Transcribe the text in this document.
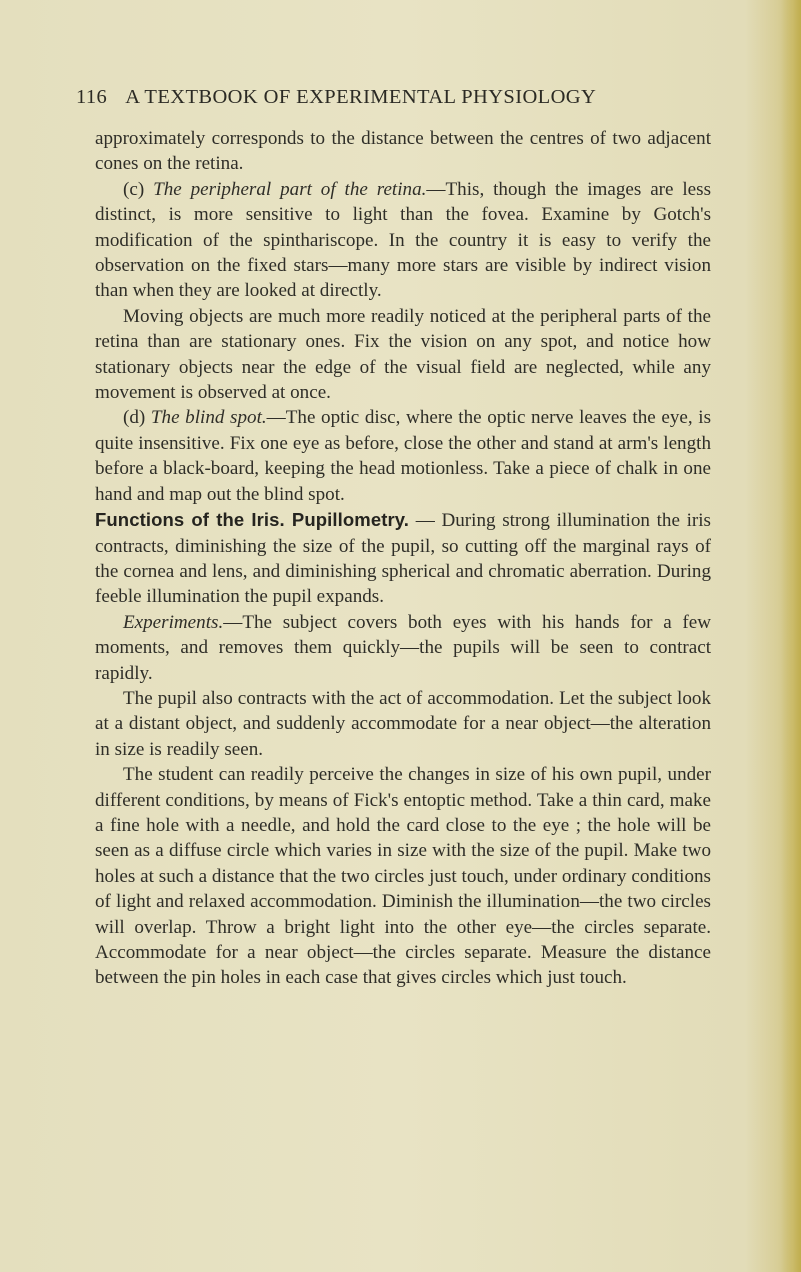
116 A TEXTBOOK OF EXPERIMENTAL PHYSIOLOGY

approximately corresponds to the distance between the centres of two adjacent cones on the retina.

(c) The peripheral part of the retina.—This, though the images are less distinct, is more sensitive to light than the fovea. Examine by Gotch's modification of the spinthariscope. In the country it is easy to verify the observation on the fixed stars—many more stars are visible by indirect vision than when they are looked at directly.

Moving objects are much more readily noticed at the peripheral parts of the retina than are stationary ones. Fix the vision on any spot, and notice how stationary objects near the edge of the visual field are neglected, while any movement is observed at once.

(d) The blind spot.—The optic disc, where the optic nerve leaves the eye, is quite insensitive. Fix one eye as before, close the other and stand at arm's length before a black-board, keeping the head motionless. Take a piece of chalk in one hand and map out the blind spot.

Functions of the Iris. Pupillometry. — During strong illumination the iris contracts, diminishing the size of the pupil, so cutting off the marginal rays of the cornea and lens, and diminishing spherical and chromatic aberration. During feeble illumination the pupil expands.

Experiments.—The subject covers both eyes with his hands for a few moments, and removes them quickly—the pupils will be seen to contract rapidly.

The pupil also contracts with the act of accommodation. Let the subject look at a distant object, and suddenly accommodate for a near object—the alteration in size is readily seen.

The student can readily perceive the changes in size of his own pupil, under different conditions, by means of Fick's entoptic method. Take a thin card, make a fine hole with a needle, and hold the card close to the eye ; the hole will be seen as a diffuse circle which varies in size with the size of the pupil. Make two holes at such a distance that the two circles just touch, under ordinary conditions of light and relaxed accommodation. Diminish the illumination—the two circles will overlap. Throw a bright light into the other eye—the circles separate. Accommodate for a near object—the circles separate. Measure the distance between the pin holes in each case that gives circles which just touch.
